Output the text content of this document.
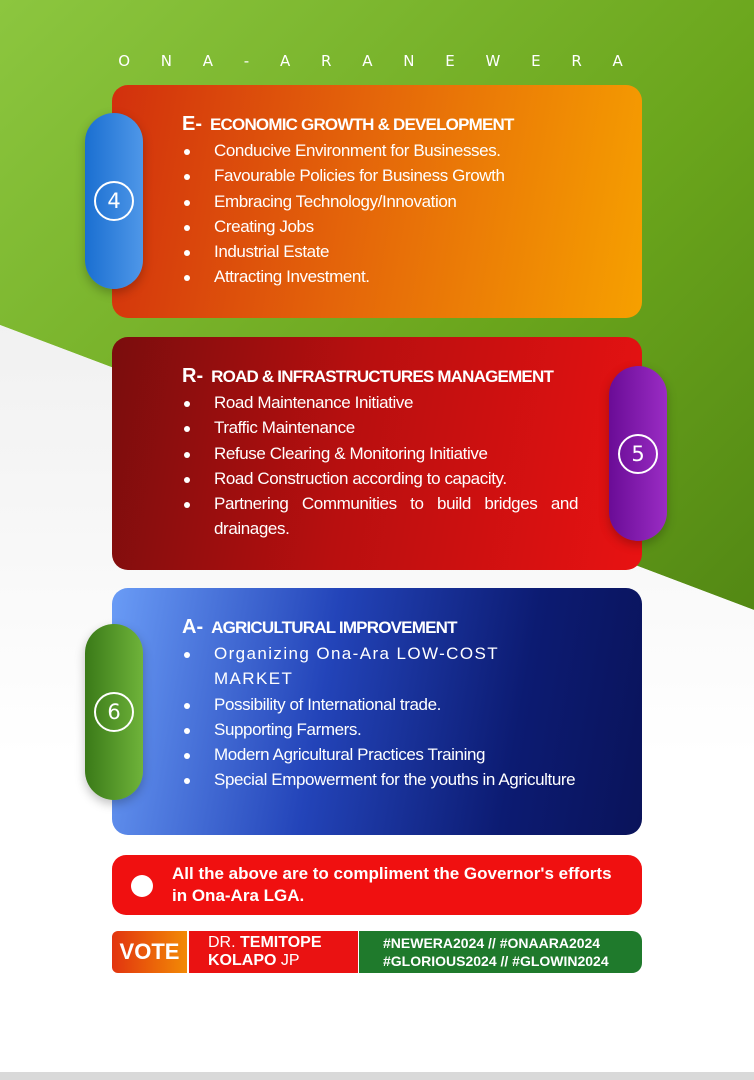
O N A - A R A N E W E R A
E- ECONOMIC GROWTH & DEVELOPMENT
Conducive Environment for Businesses.
Favourable Policies for Business Growth
Embracing Technology/Innovation
Creating Jobs
Industrial Estate
Attracting Investment.
4
R- ROAD & INFRASTRUCTURES MANAGEMENT
Road Maintenance Initiative
Traffic Maintenance
Refuse Clearing & Monitoring Initiative
Road Construction according to capacity.
Partnering Communities to build bridges and drainages.
5
A- AGRICULTURAL IMPROVEMENT
Organizing Ona-Ara LOW-COST MARKET
Possibility of International trade.
Supporting Farmers.
Modern Agricultural Practices Training
Special Empowerment for the youths in Agriculture
6
All the above are to compliment the Governor's efforts in Ona-Ara LGA.
VOTE	DR. TEMITOPE
KOLAPO JP
#NEWERA2024 // #ONAARA2024
#GLORIOUS2024 // #GLOWIN2024
